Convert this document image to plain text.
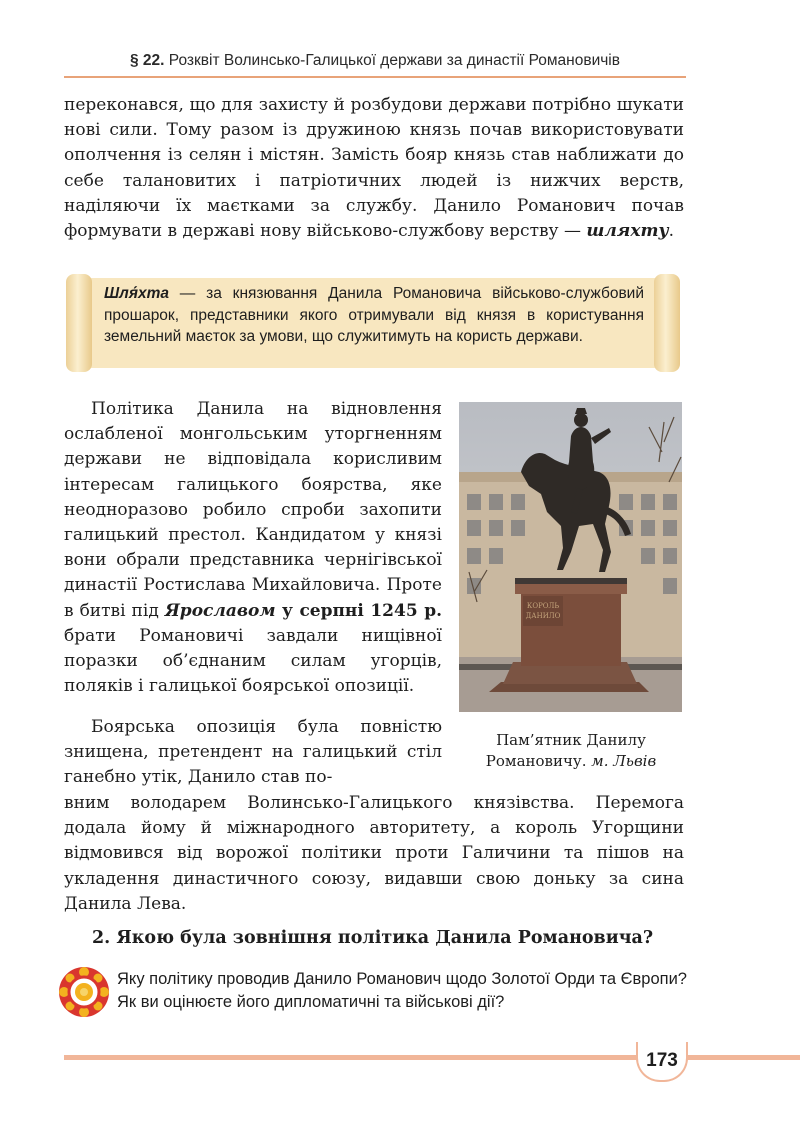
§ 22. Розквіт Волинсько-Галицької держави за династії Романовичів
переконався, що для захисту й розбудови держави потрібно шукати нові сили. Тому разом із дружиною князь почав використовувати ополчення із селян і містян. Замість бояр князь став наближати до себе талановитих і патріотичних людей із нижчих верств, наділяючи їх маєтками за службу. Данило Романович почав формувати в державі нову військово-службову верству — шляхту.
Шля́хта — за князювання Данила Романовича військово-службовий прошарок, представники якого отримували від князя в користування земельний маєток за умови, що служитимуть на користь держави.
Політика Данила на відновлення ослабленої монгольським уторгненням держави не відповідала корисливим інтересам галицького боярства, яке неодноразово робило спроби захопити галицький престол. Кандидатом у князі вони обрали представника чернігівської династії Ростислава Михайловича. Проте в битві під Ярославом у серпні 1245 р. брати Романовичі завдали нищівної поразки об’єднаним силам угорців, поляків і галицької боярської опозиції.
КОРОЛЬ
ДАНИЛО
Пам’ятник Данилу Романовичу. м. Львів
Боярська опозиція була повністю знищена, претендент на галицький стіл ганебно утік, Данило став по-
вним володарем Волинсько-Галицького князівства. Перемога додала йому й міжнародного авторитету, а король Угорщини відмовився від ворожої політики проти Галичини та пішов на укладення династичного союзу, видавши свою доньку за сина Данила Лева.
2. Якою була зовнішня політика Данила Романовича?
Яку політику проводив Данило Романович щодо Золотої Орди та Європи? Як ви оцінюєте його дипломатичні та військові дії?
173
